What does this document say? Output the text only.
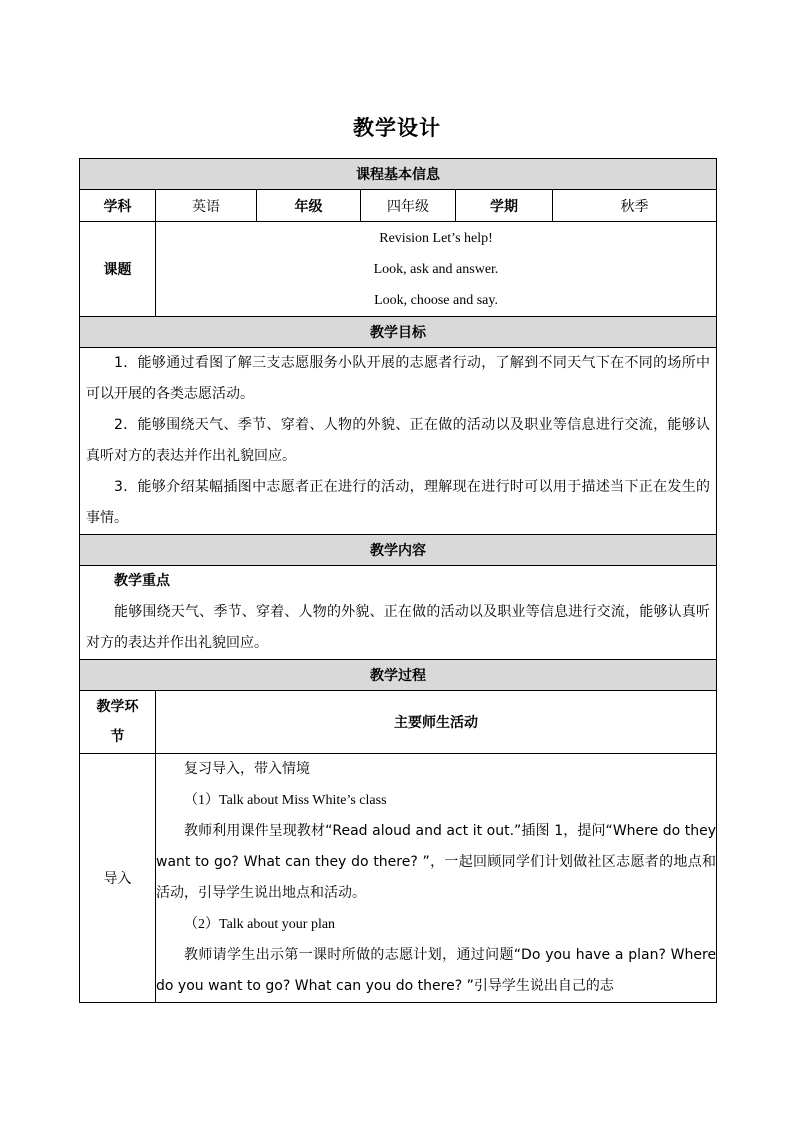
教学设计
课程基本信息					
学科	英语	年级	四年级	学期	秋季
课题	Revision Let’s help!
Look, ask and answer.
Look, choose and say.				

教学目标					

1．能够通过看图了解三支志愿服务小队开展的志愿者行动，了解到不同天气下在不同的场所中可以开展的各类志愿活动。

2．能够围绕天气、季节、穿着、人物的外貌、正在做的活动以及职业等信息进行交流，能够认真听对方的表达并作出礼貌回应。

3．能够介绍某幅插图中志愿者正在进行的活动，理解现在进行时可以用于描述当下正在发生的事情。					

教学内容					

教学重点

能够围绕天气、季节、穿着、人物的外貌、正在做的活动以及职业等信息进行交流，能够认真听对方的表达并作出礼貌回应。					

教学过程					
教学环节	主要师生活动				
导入	复习导入，带入情境

（1）Talk about Miss White’s class

教师利用课件呈现教材“Read aloud and act it out.”插图 1，提问“Where do they want to go? What can they do there? ”，一起回顾同学们计划做社区志愿者的地点和活动，引导学生说出地点和活动。

（2）Talk about your plan

教师请学生出示第一课时所做的志愿计划，通过问题“Do you have a plan? Where do you want to go? What can you do there? ”引导学生说出自己的志				
